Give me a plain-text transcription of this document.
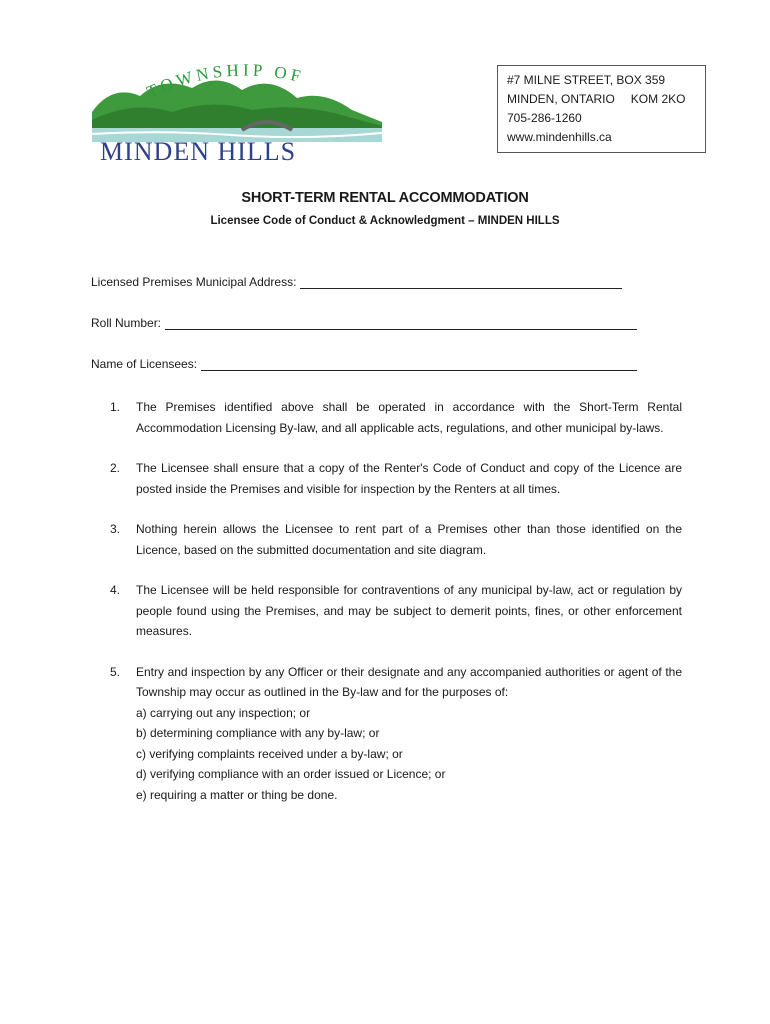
TOWNSHIP OF
MINDEN HILLS
#7 MILNE STREET, BOX 359
MINDEN, ONTARIO KOM 2KO
705-286-1260
www.mindenhills.ca
SHORT-TERM RENTAL ACCOMMODATION
Licensee Code of Conduct & Acknowledgment – MINDEN HILLS
Licensed Premises Municipal Address:
Roll Number:
Name of Licensees:
1.	The Premises identified above shall be operated in accordance with the Short-Term Rental Accommodation Licensing By-law, and all applicable acts, regulations, and other municipal by-laws.
2.	The Licensee shall ensure that a copy of the Renter's Code of Conduct and copy of the Licence are posted inside the Premises and visible for inspection by the Renters at all times.
3.	Nothing herein allows the Licensee to rent part of a Premises other than those identified on the Licence, based on the submitted documentation and site diagram.
4.	The Licensee will be held responsible for contraventions of any municipal by-law, act or regulation by people found using the Premises, and may be subject to demerit points, fines, or other enforcement measures.
5.	Entry and inspection by any Officer or their designate and any accompanied authorities or agent of the Township may occur as outlined in the By-law and for the purposes of:
a) carrying out any inspection; or
b) determining compliance with any by-law; or
c) verifying complaints received under a by-law; or
d) verifying compliance with an order issued or Licence; or
e) requiring a matter or thing be done.
